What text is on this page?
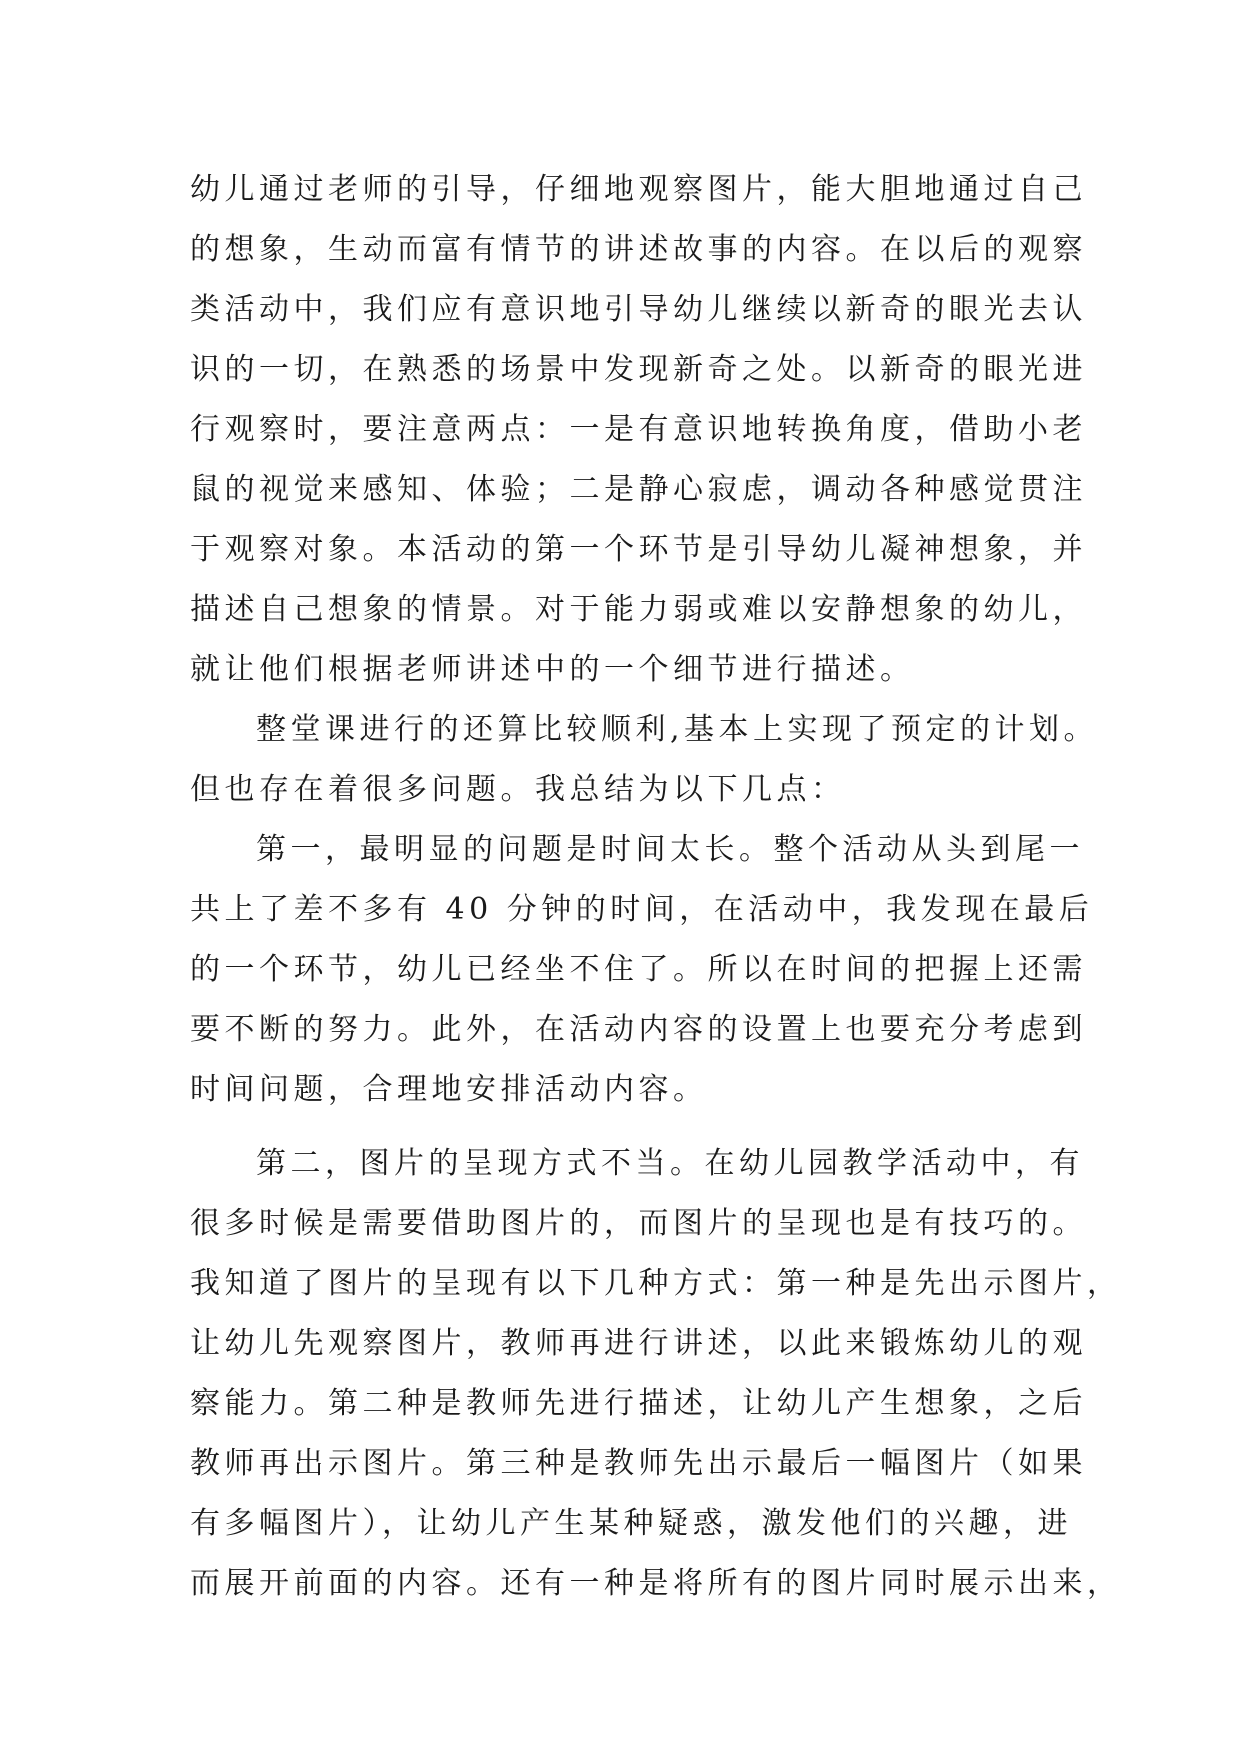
幼儿通过老师的引导，仔细地观察图片，能大胆地通过自己
的想象，生动而富有情节的讲述故事的内容。在以后的观察
类活动中，我们应有意识地引导幼儿继续以新奇的眼光去认
识的一切，在熟悉的场景中发现新奇之处。以新奇的眼光进
行观察时，要注意两点：一是有意识地转换角度，借助小老
鼠的视觉来感知、体验；二是静心寂虑，调动各种感觉贯注
于观察对象。本活动的第一个环节是引导幼儿凝神想象，并
描述自己想象的情景。对于能力弱或难以安静想象的幼儿，
就让他们根据老师讲述中的一个细节进行描述。
整堂课进行的还算比较顺利,基本上实现了预定的计划。
但也存在着很多问题。我总结为以下几点：
第一，最明显的问题是时间太长。整个活动从头到尾一
共上了差不多有 40 分钟的时间，在活动中，我发现在最后
的一个环节，幼儿已经坐不住了。所以在时间的把握上还需
要不断的努力。此外，在活动内容的设置上也要充分考虑到
时间问题，合理地安排活动内容。
第二，图片的呈现方式不当。在幼儿园教学活动中，有
很多时候是需要借助图片的，而图片的呈现也是有技巧的。
我知道了图片的呈现有以下几种方式：第一种是先出示图片，
让幼儿先观察图片，教师再进行讲述，以此来锻炼幼儿的观
察能力。第二种是教师先进行描述，让幼儿产生想象，之后
教师再出示图片。第三种是教师先出示最后一幅图片（如果
有多幅图片），让幼儿产生某种疑惑，激发他们的兴趣，进
而展开前面的内容。还有一种是将所有的图片同时展示出来，
